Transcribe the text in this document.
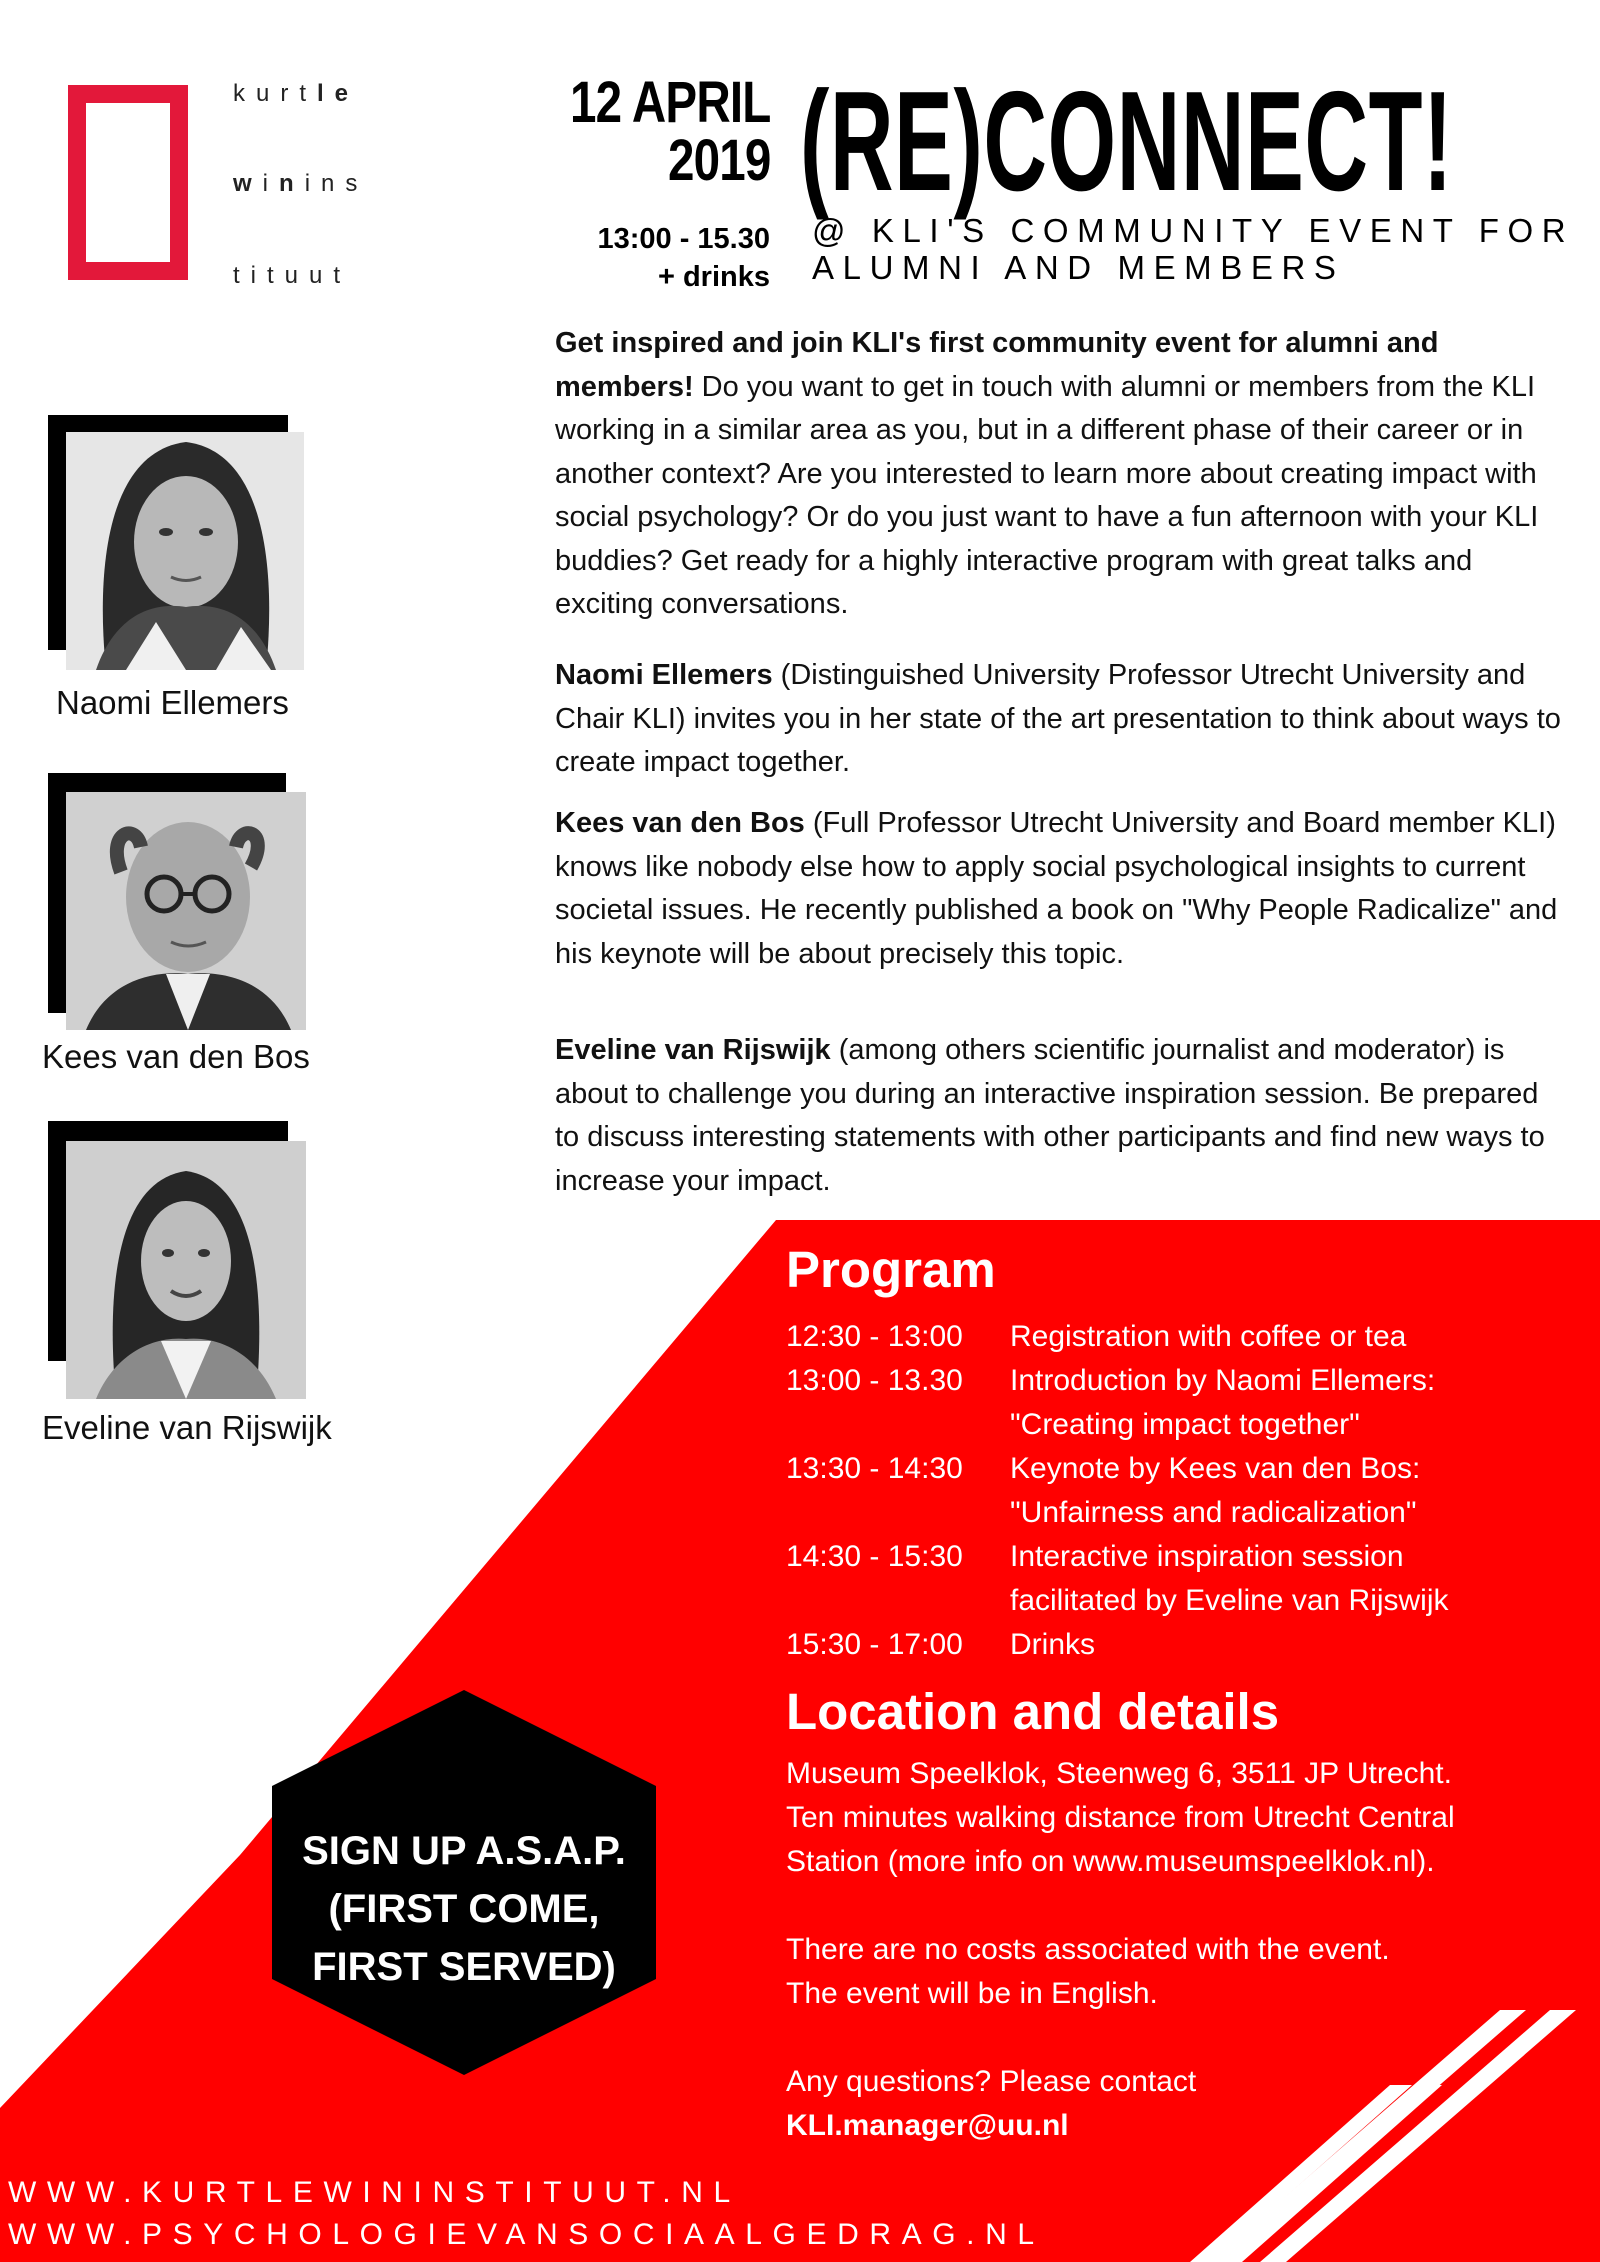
kurtle
winins
tituut
12 APRIL
2019
13:00 - 15.30
+ drinks
(RE)CONNECT!
@ KLI'S COMMUNITY EVENT FOR
ALUMNI AND MEMBERS
Get inspired and join KLI's first community event for alumni and members! Do you want to get in touch with alumni or members from the KLI working in a similar area as you, but in a different phase of their career or in another context? Are you interested to learn more about creating impact with social psychology? Or do you just want to have a fun afternoon with your KLI buddies? Get ready for a highly interactive program with great talks and exciting conversations.
Naomi Ellemers (Distinguished University Professor Utrecht University and Chair KLI) invites you in her state of the art presentation to think about ways to create impact together.
Kees van den Bos (Full Professor Utrecht University and Board member KLI) knows like nobody else how to apply social psychological insights to current societal issues. He recently published a book on "Why People Radicalize" and his keynote will be about precisely this topic.
Eveline van Rijswijk (among others scientific journalist and moderator) is about to challenge you during an interactive inspiration session. Be prepared to discuss interesting statements with other participants and find new ways to increase your impact.
Naomi Ellemers
Kees van den Bos
Eveline van Rijswijk
Program
12:30 - 13:00	Registration with coffee or tea
13:00 - 13.30	Introduction by Naomi Ellemers:
"Creating impact together"
13:30 - 14:30	Keynote by Kees van den Bos:
"Unfairness and radicalization"
14:30 - 15:30	Interactive inspiration session
facilitated by Eveline van Rijswijk
15:30 - 17:00	Drinks
Location and details

Museum Speelklok, Steenweg 6, 3511 JP Utrecht.

Ten minutes walking distance from Utrecht Central

Station (more info on www.museumspeelklok.nl).

There are no costs associated with the event.

The event will be in English.

Any questions? Please contact

KLI.manager@uu.nl

SIGN UP A.S.A.P.
(FIRST COME,
FIRST SERVED)
WWW.KURTLEWININSTITUUT.NL
WWW.PSYCHOLOGIEVANSOCIAALGEDRAG.NL
